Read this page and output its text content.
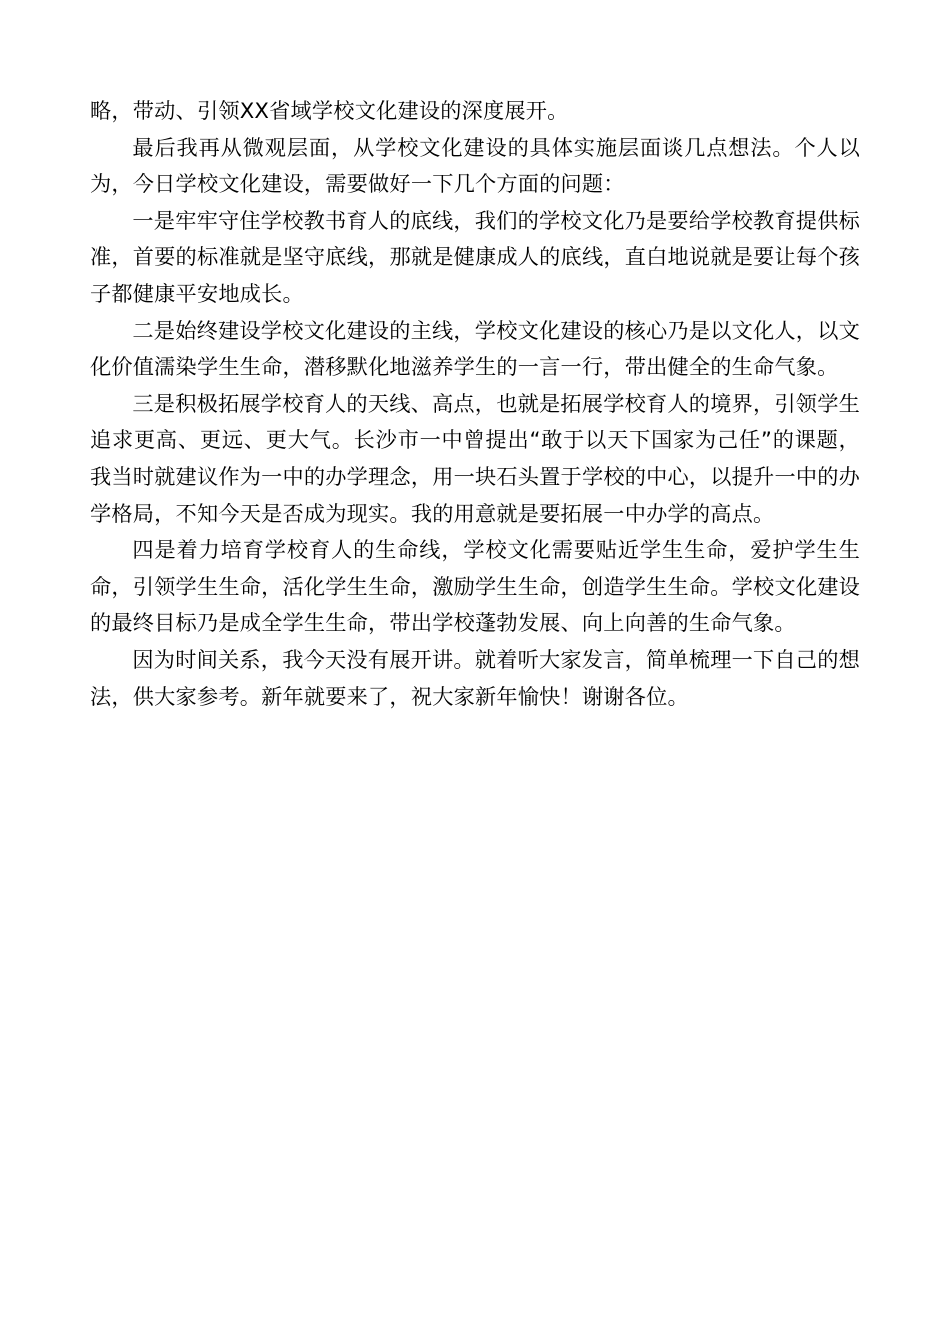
略，带动、引领XX省域学校文化建设的深度展开。

最后我再从微观层面，从学校文化建设的具体实施层面谈几点想法。个人以为，今日学校文化建设，需要做好一下几个方面的问题：

一是牢牢守住学校教书育人的底线，我们的学校文化乃是要给学校教育提供标准，首要的标准就是坚守底线，那就是健康成人的底线，直白地说就是要让每个孩子都健康平安地成长。

二是始终建设学校文化建设的主线，学校文化建设的核心乃是以文化人，以文化价值濡染学生生命，潜移默化地滋养学生的一言一行，带出健全的生命气象。

三是积极拓展学校育人的天线、高点，也就是拓展学校育人的境界，引领学生追求更高、更远、更大气。长沙市一中曾提出“敢于以天下国家为己任”的课题，我当时就建议作为一中的办学理念，用一块石头置于学校的中心，以提升一中的办学格局，不知今天是否成为现实。我的用意就是要拓展一中办学的高点。

四是着力培育学校育人的生命线，学校文化需要贴近学生生命，爱护学生生命，引领学生生命，活化学生生命，激励学生生命，创造学生生命。学校文化建设的最终目标乃是成全学生生命，带出学校蓬勃发展、向上向善的生命气象。

因为时间关系，我今天没有展开讲。就着听大家发言，简单梳理一下自己的想法，供大家参考。新年就要来了，祝大家新年愉快！谢谢各位。
